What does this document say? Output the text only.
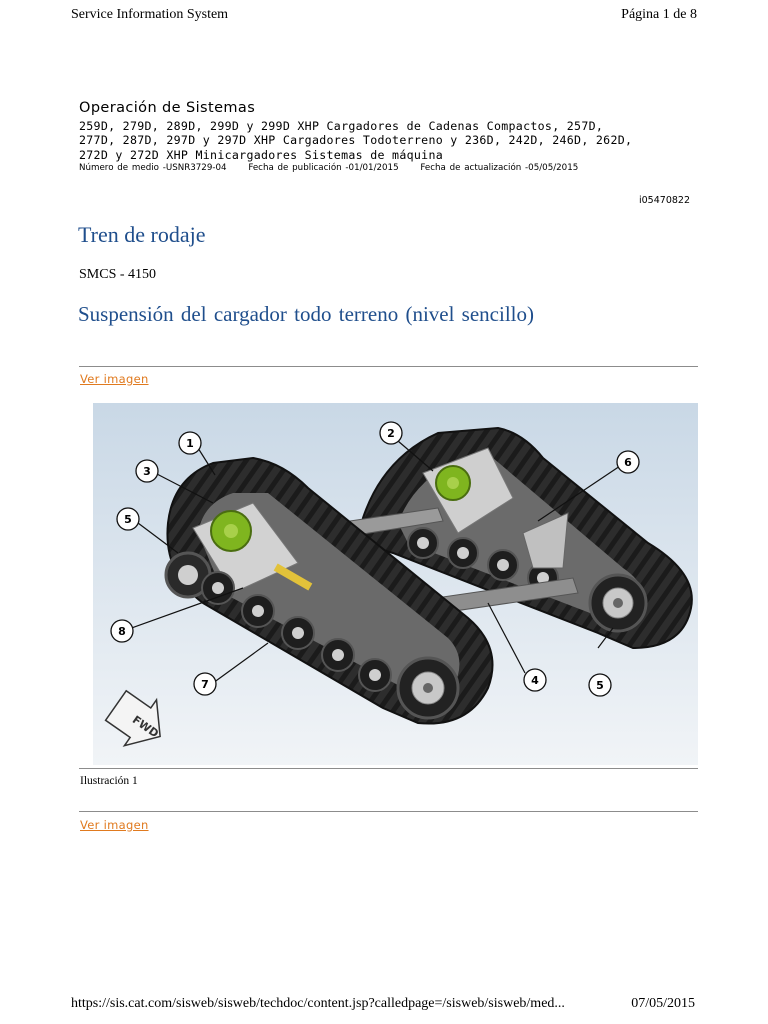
Service Information System	Página 1 de 8
Operación de Sistemas
259D, 279D, 289D, 299D y 299D XHP Cargadores de Cadenas Compactos, 257D,
277D, 287D, 297D y 297D XHP Cargadores Todoterreno y 236D, 242D, 246D, 262D,
272D y 272D XHP Minicargadores Sistemas de máquina
Número de medio -USNR3729-04	Fecha de publicación -01/01/2015	Fecha de actualización -05/05/2015
i05470822
Tren de rodaje
SMCS - 4150
Suspensión del cargador todo terreno (nivel sencillo)
Ver imagen
1
2
3
4
5
5
6
7
8
FWD
Ilustración 1
Ver imagen
https://sis.cat.com/sisweb/sisweb/techdoc/content.jsp?calledpage=/sisweb/sisweb/med...	07/05/2015
